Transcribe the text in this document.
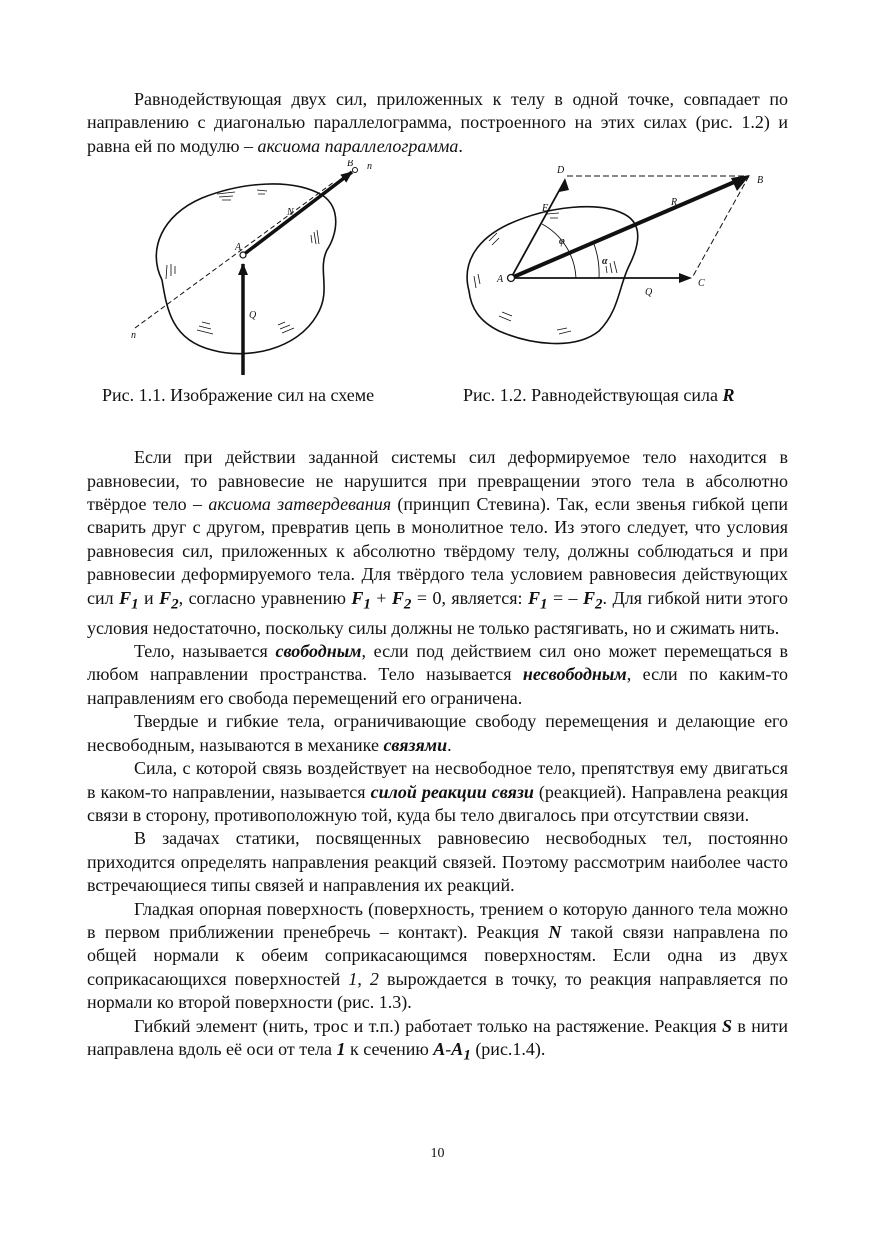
Равнодействующая двух сил, приложенных к телу в одной точке, совпадает по направлению с диагональю параллелограмма, построенного на этих силах (рис. 1.2) и равна ей по модулю – аксиома параллелограмма.

B n
N
A
Q
n
D
B
F
R
φ
α
A
Q
C
Рис. 1.1. Изображение сил на схеме	Рис. 1.2. Равнодействующая сила R

Если при действии заданной системы сил деформируемое тело находится в равновесии, то равновесие не нарушится при превращении этого тела в абсолютно твёрдое тело – аксиома затвердевания (принцип Стевина). Так, если звенья гибкой цепи сварить друг с другом, превратив цепь в монолитное тело. Из этого следует, что условия равновесия сил, приложенных к абсолютно твёрдому телу, должны соблюдаться и при равновесии деформируемого тела. Для твёрдого тела условием равновесия действующих сил $F_1$ и $F_2$, согласно уравнению $F_1 + F_2 = 0$, является: $F_1$ = – $F_2$. Для гибкой нити этого условия недостаточно, поскольку силы должны не только растягивать, но и сжимать нить.

Тело, называется свободным, если под действием сил оно может перемещаться в любом направлении пространства. Тело называется несвободным, если по каким-то направлениям его свобода перемещений его ограничена.

Твердые и гибкие тела, ограничивающие свободу перемещения и делающие его несвободным, называются в механике связями.

Сила, с которой связь воздействует на несвободное тело, препятствуя ему двигаться в каком-то направлении, называется силой реакции связи (реакцией). Направлена реакция связи в сторону, противоположную той, куда бы тело двигалось при отсутствии связи.

В задачах статики, посвященных равновесию несвободных тел, постоянно приходится определять направления реакций связей. Поэтому рассмотрим наиболее часто встречающиеся типы связей и направления их реакций.

Гладкая опорная поверхность (поверхность, трением о которую данного тела можно в первом приближении пренебречь – контакт). Реакция N такой связи направлена по общей нормали к обеим соприкасающимся поверхностям. Если одна из двух соприкасающихся поверхностей 1, 2 вырождается в точку, то реакция направляется по нормали ко второй поверхности (рис. 1.3).

Гибкий элемент (нить, трос и т.п.) работает только на растяжение. Реакция S в нити направлена вдоль её оси от тела 1 к сечению $A-A_1$ (рис.1.4).

10
